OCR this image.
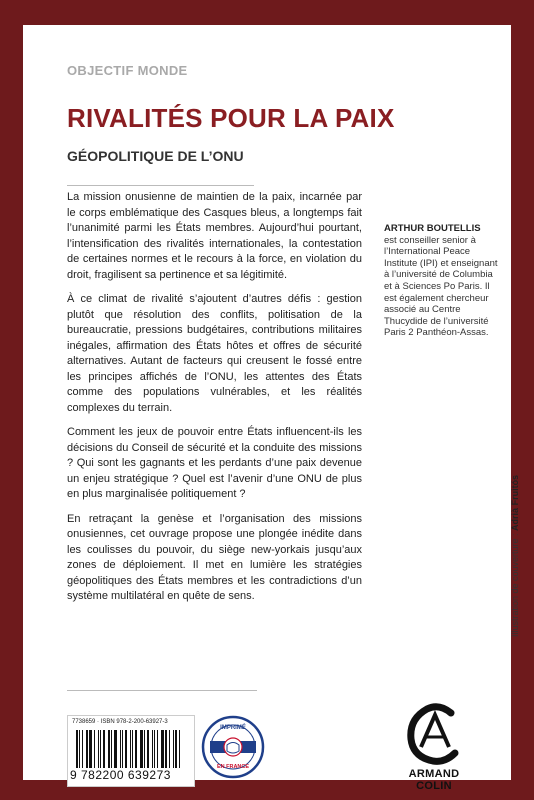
OBJECTIF MONDE
RIVALITÉS POUR LA PAIX
GÉOPOLITIQUE DE L’ONU

La mission onusienne de maintien de la paix, incarnée par le corps emblématique des Casques bleus, a longtemps fait l’unanimité parmi les États membres. Aujourd’hui pourtant, l’intensification des rivalités internationales, la contestation de certaines normes et le recours à la force, en violation du droit, fragilisent sa pertinence et sa légitimité.

À ce climat de rivalité s’ajoutent d’autres défis : gestion plutôt que résolution des conflits, politisation de la bureaucratie, pressions budgétaires, contributions militaires inégales, affirmation des États hôtes et offres de sécurité alternatives. Autant de facteurs qui creusent le fossé entre les principes affichés de l’ONU, les attentes des États comme des populations vulnérables, et les réalités complexes du terrain.

Comment les jeux de pouvoir entre États influencent-ils les décisions du Conseil de sécurité et la conduite des missions ? Qui sont les gagnants et les perdants d’une paix devenue un enjeu stratégique ? Quel est l’avenir d’une ONU de plus en plus marginalisée politiquement ?

En retraçant la genèse et l’organisation des missions onusiennes, cet ouvrage propose une plongée inédite dans les coulisses du pouvoir, du siège new-yorkais jusqu’aux zones de déploiement. Il met en lumière les stratégies géopolitiques des États membres et les contradictions d’un système multilatéral en quête de sens.

ARTHUR BOUTELLIS
est conseiller senior à l’International Peace Institute (IPI) et enseignant à l’université de Columbia et à Sciences Po Paris. Il est également chercheur associé au Centre Thucydide de l’université Paris 2 Panthéon-Assas.
Illustration de couverture : Adrià Fruitós
7738659 · ISBN 978-2-200-63927-3
9 782200 639273
IMPRIMÉ
EN FRANCE
ARMAND COLIN
